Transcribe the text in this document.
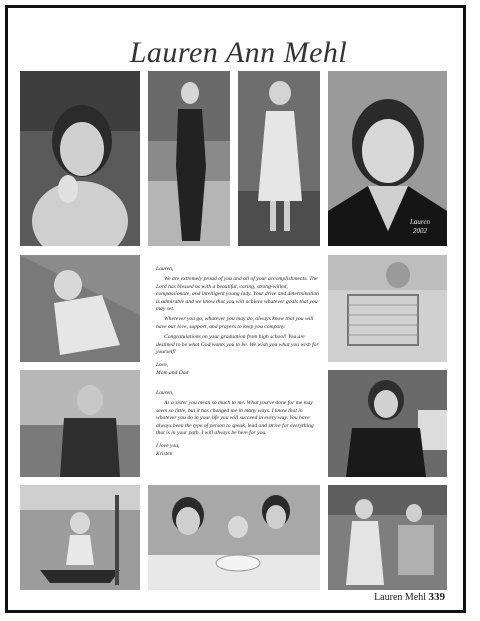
Lauren Ann Mehl
Lauren 2002

Lauren,

We are extremely proud of you and all of your accomplishments. The Lord has blessed us with a beautiful, caring, strong-willed, compassionate, and intelligent young lady. Your drive and determination is admirable and we know that you will achieve whatever goals that you may set.

Wherever you go, whatever you may do, always know that you will have our love, support, and prayers to keep you company.

Congratulations on your graduation from high school! You are destined to be what God wants you to be. We wish you what you wish for yourself!

Love,

Mom and Dad

Lauren,

As a sister you mean so much to me. What you've done for me may seem so little, but it has changed me in many ways. I know that in whatever you do in your life you will succeed in every way. You have always been the type of person to speak, lead and strive for everything that is in your path. I will always be here for you.

I love you,

Kristen

Lauren Mehl 339
